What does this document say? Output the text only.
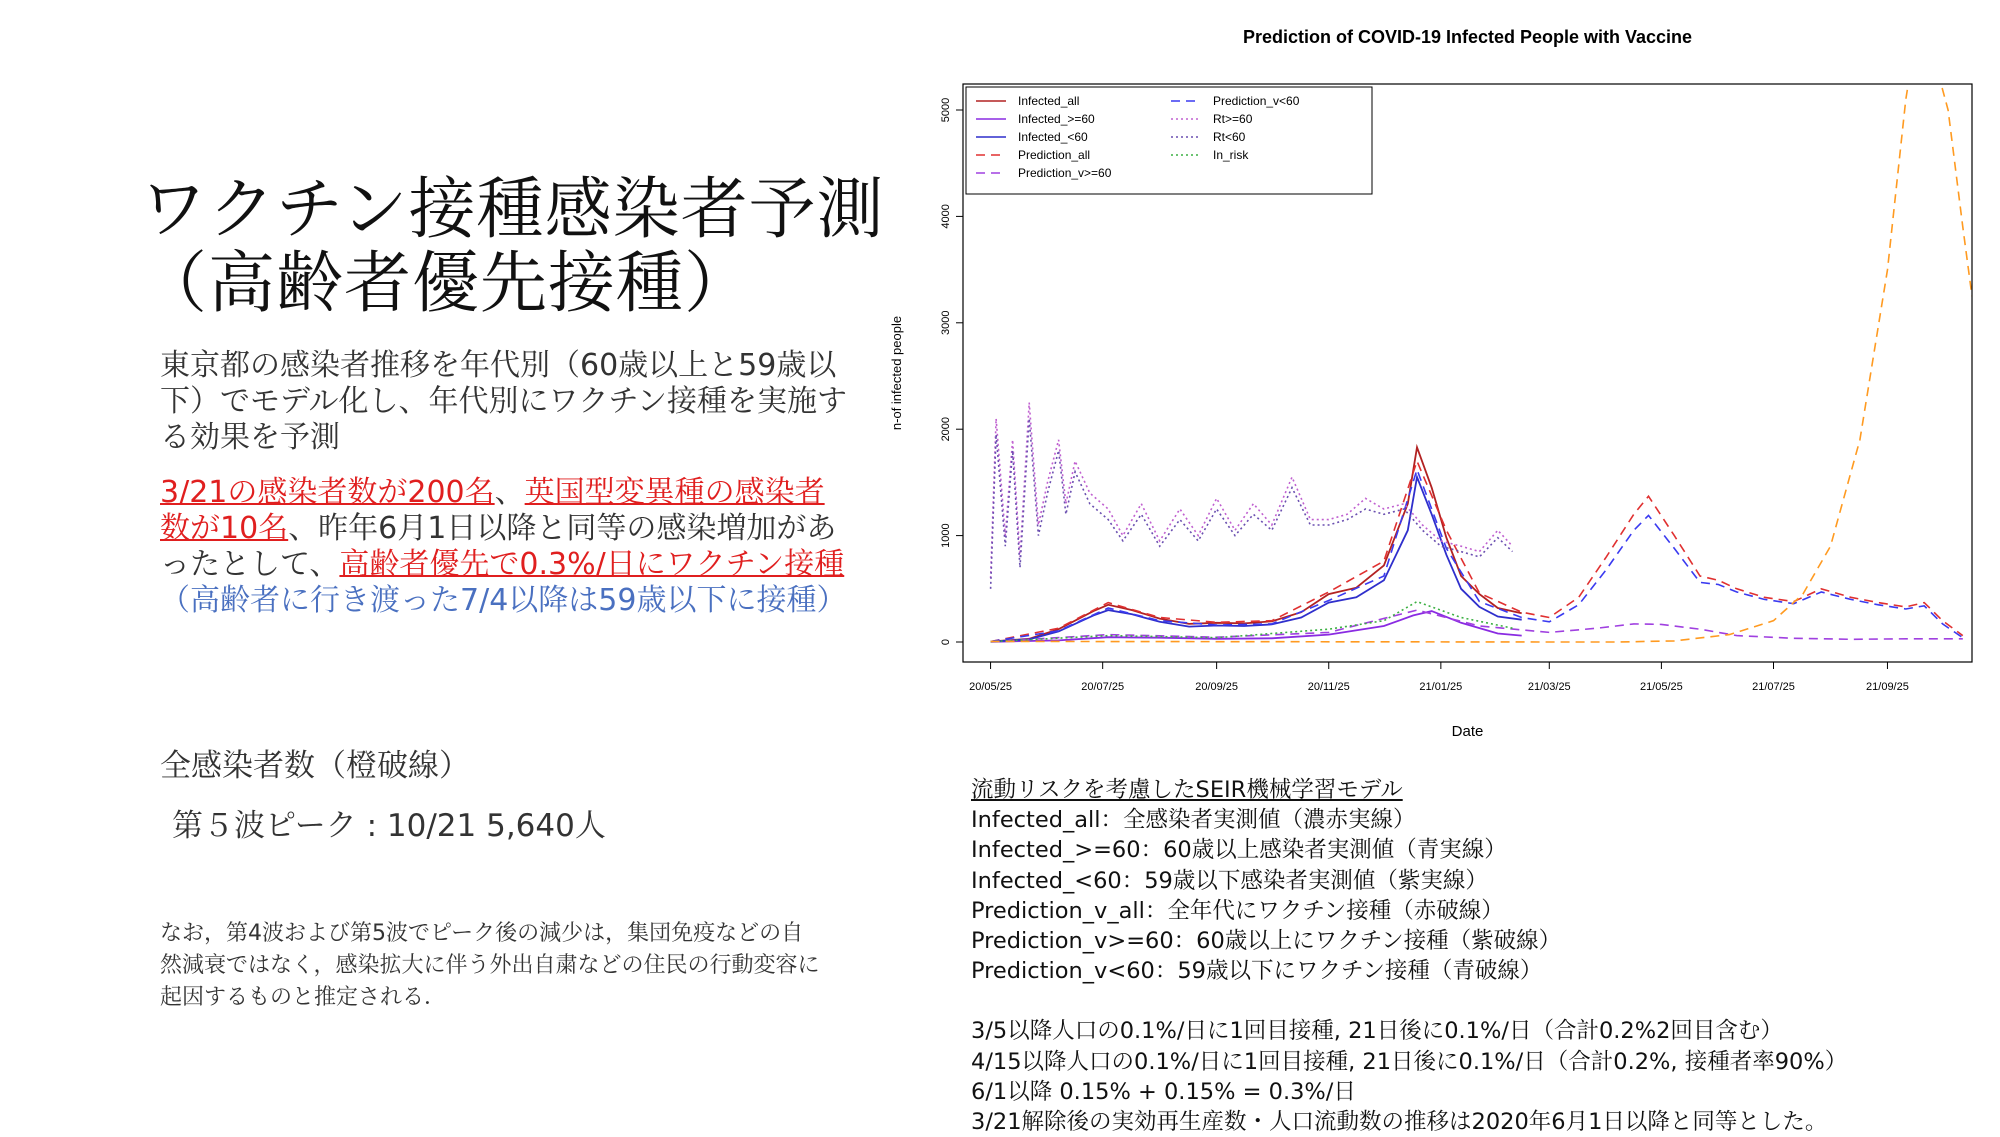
ワクチン接種感染者予測
（高齢者優先接種）
東京都の感染者推移を年代別（60歳以上と59歳以下）でモデル化し、年代別にワクチン接種を実施する効果を予測
3/21の感染者数が200名、英国型変異種の感染者数が10名、昨年6月1日以降と同等の感染増加があったとして、高齢者優先で0.3%/日にワクチン接種（高齢者に行き渡った7/4以降は59歳以下に接種）
全感染者数（橙破線）
第５波ピーク : 10/21 5,640人
なお，第4波および第5波でピーク後の減少は，集団免疫などの自然減衰ではなく，感染拡大に伴う外出自粛などの住民の行動変容に起因するものと推定される．
流動リスクを考慮したSEIR機械学習モデル
Infected_all：全感染者実測値（濃赤実線）
Infected_>=60：60歳以上感染者実測値（青実線）
Infected_<60：59歳以下感染者実測値（紫実線）
Prediction_v_all：全年代にワクチン接種（赤破線）
Prediction_v>=60：60歳以上にワクチン接種（紫破線）
Prediction_v<60：59歳以下にワクチン接種（青破線）
3/5以降人口の0.1%/日に1回目接種, 21日後に0.1%/日（合計0.2%2回目含む）
4/15以降人口の0.1%/日に1回目接種, 21日後に0.1%/日（合計0.2%, 接種者率90%）
6/1以降 0.15% + 0.15% = 0.3%/日
3/21解除後の実効再生産数・人口流動数の推移は2020年6月1日以降と同等とした。
Prediction of COVID-19 Infected People with Vaccine
0
1000
2000
3000
4000
5000
20/05/25	20/07/25	20/09/25	20/11/25	21/01/25	21/03/25	21/05/25	21/07/25	21/09/25
Date
n-of infected people
Infected_all
Infected_>=60
Infected_<60
Prediction_all
Prediction_v>=60
Prediction_v<60
Rt>=60
Rt<60
In_risk
